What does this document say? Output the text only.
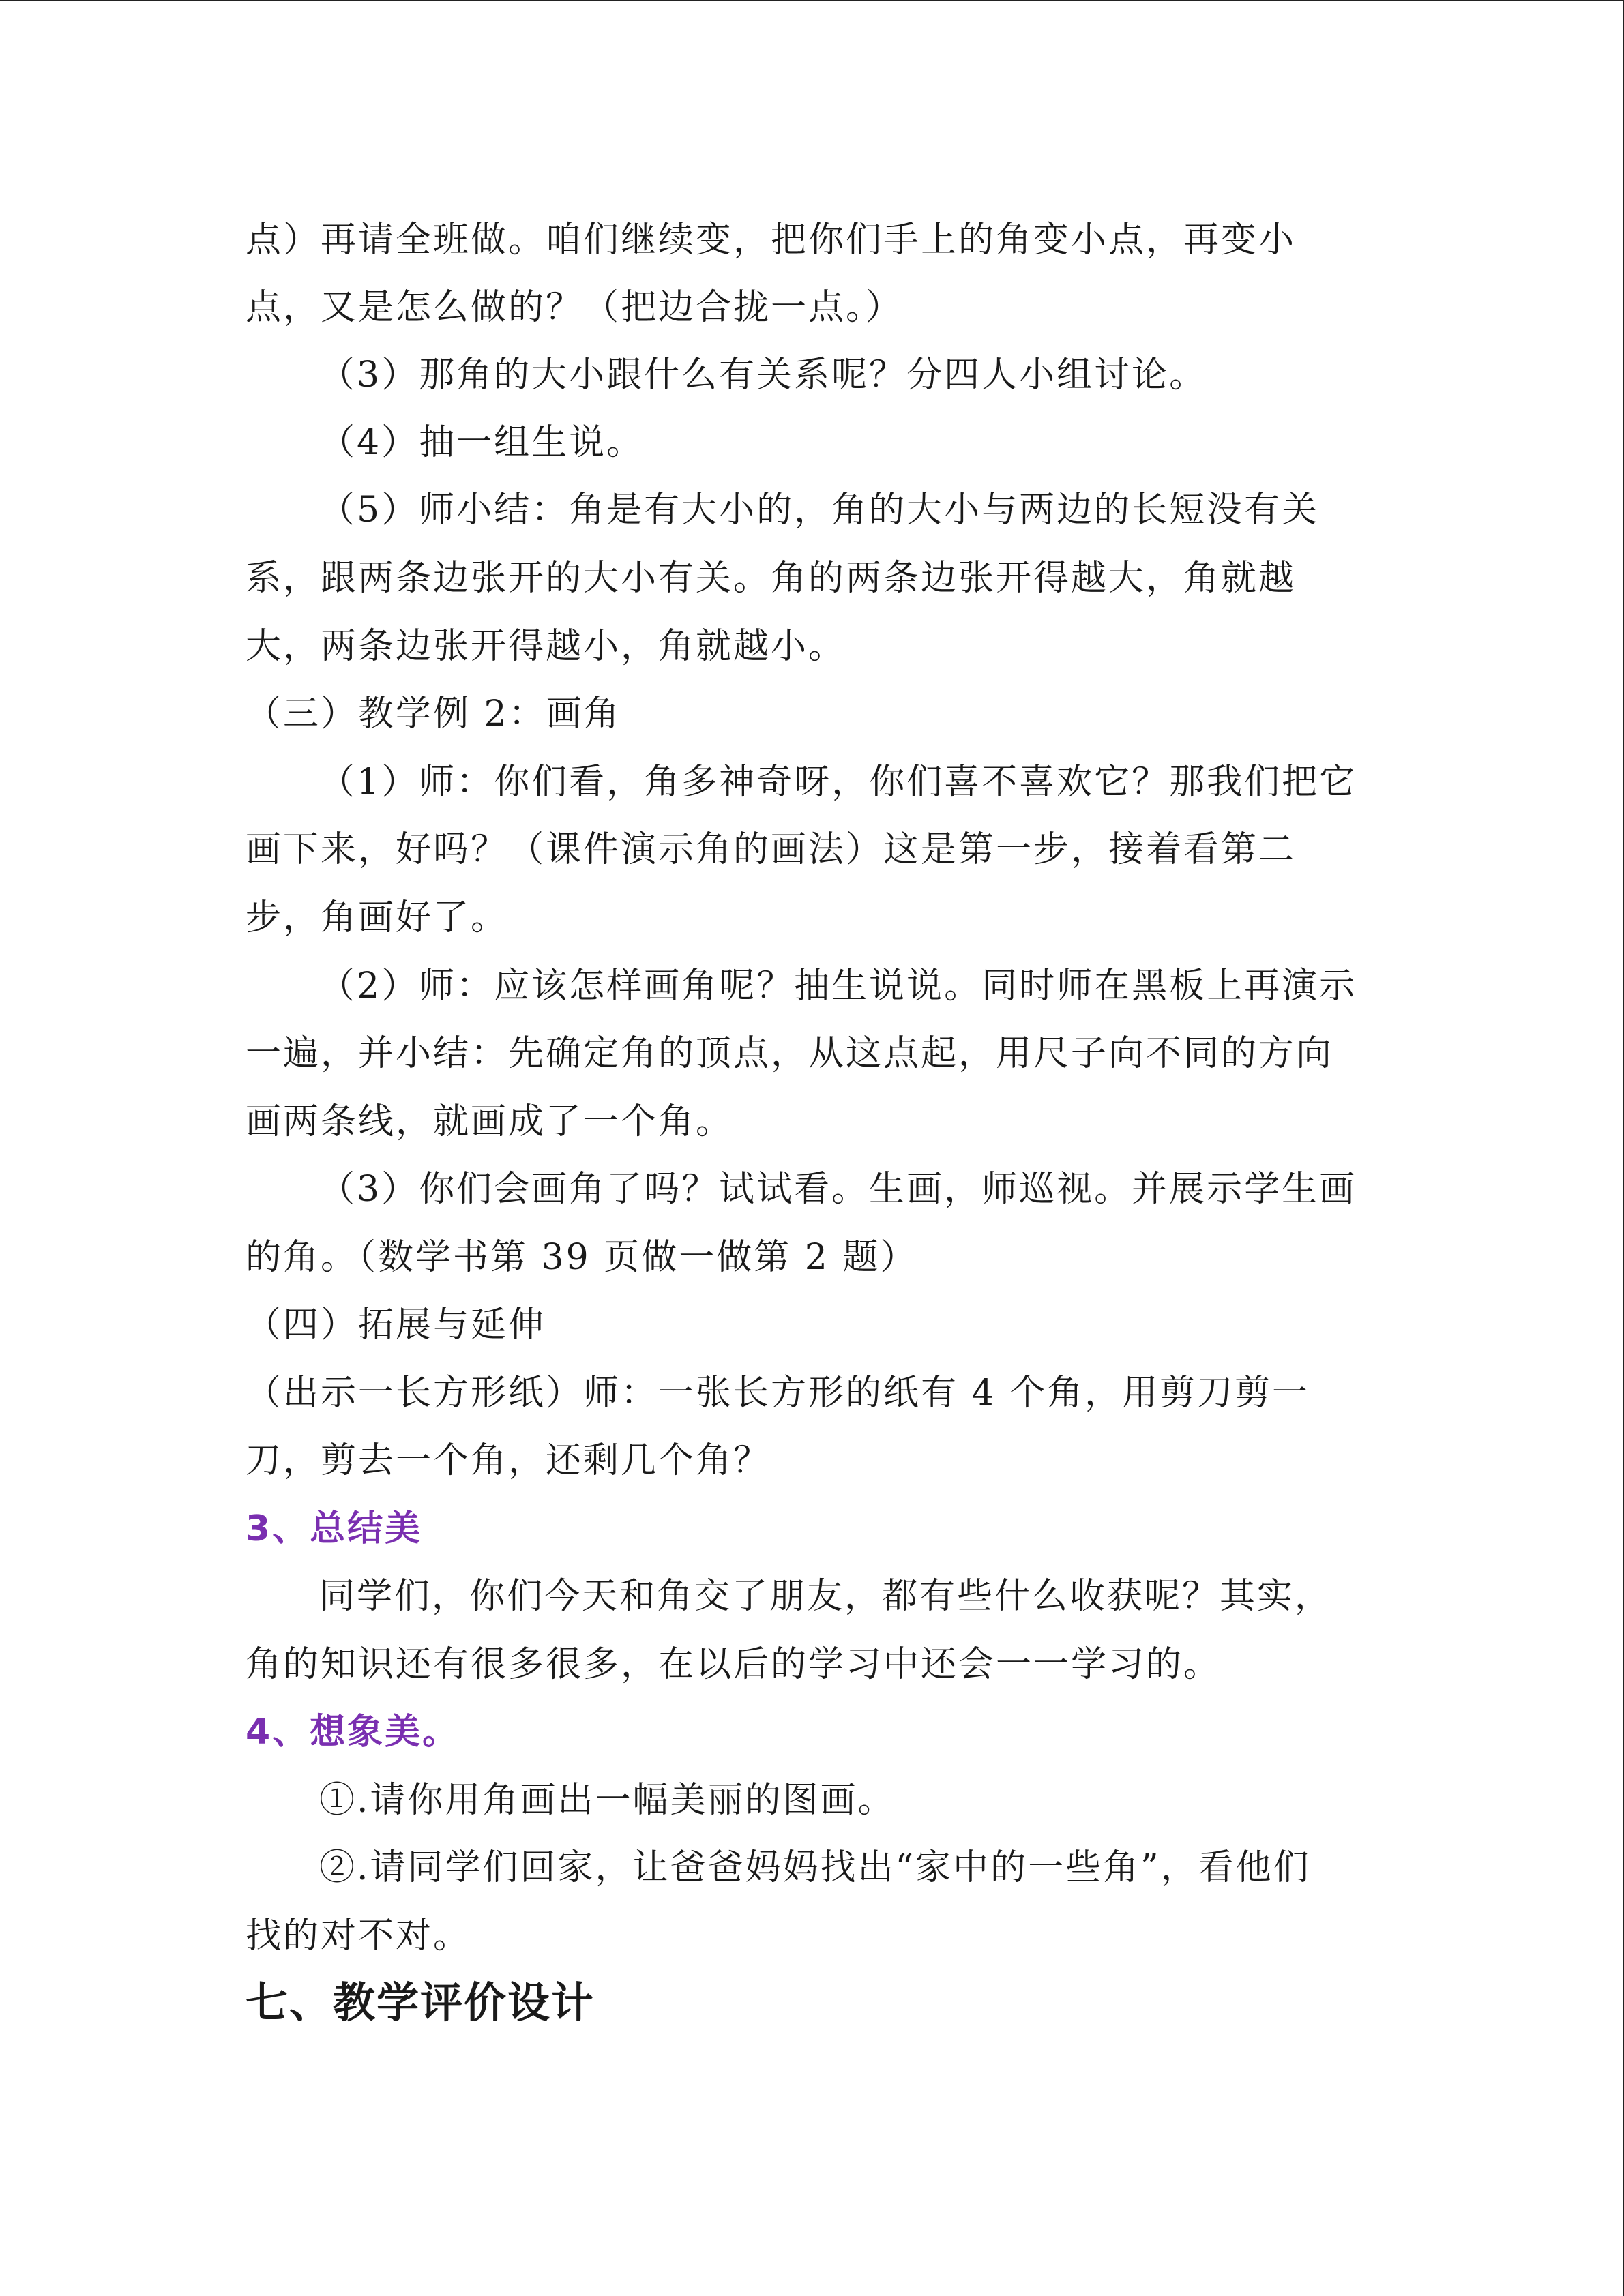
点）再请全班做。咱们继续变，把你们手上的角变小点，再变小
点，又是怎么做的？（把边合拢一点。）
（3）那角的大小跟什么有关系呢？分四人小组讨论。
（4）抽一组生说。
（5）师小结：角是有大小的，角的大小与两边的长短没有关
系，跟两条边张开的大小有关。角的两条边张开得越大，角就越
大，两条边张开得越小，角就越小。
（三）教学例 2：画角
（1）师：你们看，角多神奇呀，你们喜不喜欢它？那我们把它
画下来，好吗？（课件演示角的画法）这是第一步，接着看第二
步，角画好了。
（2）师：应该怎样画角呢？抽生说说。同时师在黑板上再演示
一遍，并小结：先确定角的顶点，从这点起，用尺子向不同的方向
画两条线，就画成了一个角。
（3）你们会画角了吗？试试看。生画，师巡视。并展示学生画
的角。（数学书第 39 页做一做第 2 题）
（四）拓展与延伸
（出示一长方形纸）师：一张长方形的纸有 4 个角，用剪刀剪一
刀，剪去一个角，还剩几个角？
3、总结美
同学们，你们今天和角交了朋友，都有些什么收获呢？其实，
角的知识还有很多很多，在以后的学习中还会一一学习的。
4、想象美。
①.请你用角画出一幅美丽的图画。
②.请同学们回家，让爸爸妈妈找出“家中的一些角”，看他们
找的对不对。
七、教学评价设计
